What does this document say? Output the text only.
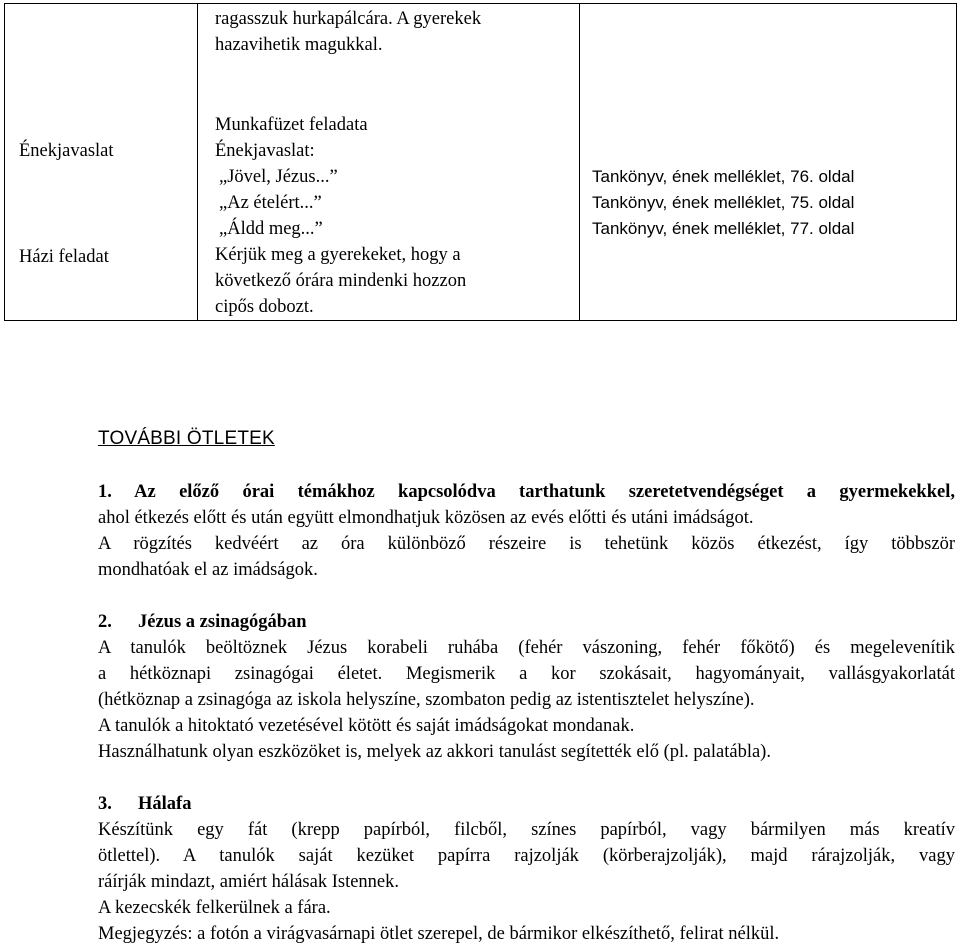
ragasszuk hurkapálcára. A gyerekek
hazavihetik magukkal.
Énekjavaslat
Házi feladat
Munkafüzet feladata
Énekjavaslat:
„Jövel, Jézus...”
„Az ételért...”
„Áldd meg...”
Kérjük meg a gyerekeket, hogy a
következő órára mindenki hozzon
cipős dobozt.
Tankönyv, ének melléklet, 76. oldal
Tankönyv, ének melléklet, 75. oldal
Tankönyv, ének melléklet, 77. oldal
TOVÁBBI ÖTLETEK
1. Az előző órai témákhoz kapcsolódva tarthatunk szeretetvendégséget a gyermekekkel,
ahol étkezés előtt és után együtt elmondhatjuk közösen az evés előtti és utáni imádságot.
A rögzítés kedvéért az óra különböző részeire is tehetünk közös étkezést, így többször
mondhatóak el az imádságok.
2. Jézus a zsinagógában
A tanulók beöltöznek Jézus korabeli ruhába (fehér vászoning, fehér főkötő) és megelevenítik
a hétköznapi zsinagógai életet. Megismerik a kor szokásait, hagyományait, vallásgyakorlatát
(hétköznap a zsinagóga az iskola helyszíne, szombaton pedig az istentisztelet helyszíne).
A tanulók a hitoktató vezetésével kötött és saját imádságokat mondanak.
Használhatunk olyan eszközöket is, melyek az akkori tanulást segítették elő (pl. palatábla).
3. Hálafa
Készítünk egy fát (krepp papírból, filcből, színes papírból, vagy bármilyen más kreatív
ötlettel). A tanulók saját kezüket papírra rajzolják (körberajzolják), majd rárajzolják, vagy
ráírják mindazt, amiért hálásak Istennek.
A kezecskék felkerülnek a fára.
Megjegyzés: a fotón a virágvasárnapi ötlet szerepel, de bármikor elkészíthető, felirat nélkül.
